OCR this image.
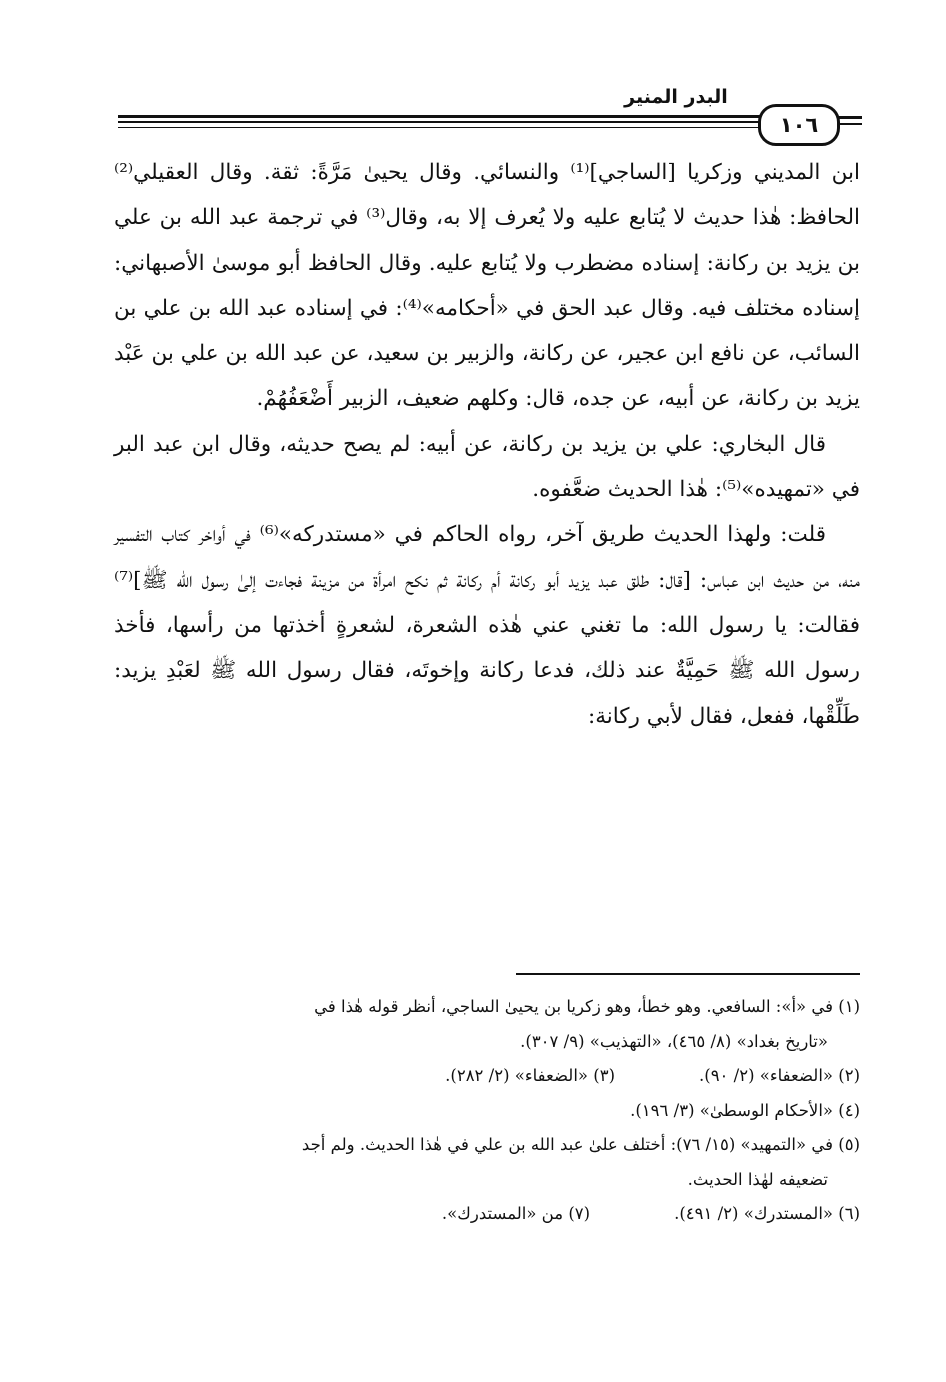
البدر المنير
١٠٦

ابن المديني وزكريا [الساجي]⁽¹⁾ والنسائي. وقال يحيىٰ مَرَّةً: ثقة. وقال العقيلي⁽²⁾ الحافظ: هٰذا حديث لا يُتابع عليه ولا يُعرف إلا به، وقال⁽³⁾ في ترجمة عبد الله بن علي بن يزيد بن ركانة: إسناده مضطرب ولا يُتابع عليه. وقال الحافظ أبو موسىٰ الأصبهاني: إسناده مختلف فيه. وقال عبد الحق في «أحكامه»⁽⁴⁾: في إسناده عبد الله بن علي بن السائب، عن نافع ابن عجير، عن ركانة، والزبير بن سعيد، عن عبد الله بن علي بن عَبْد يزيد بن ركانة، عن أبيه، عن جده، قال: وكلهم ضعيف، الزبير أَضْعَفُهُمْ.

قال البخاري: علي بن يزيد بن ركانة، عن أبيه: لم يصح حديثه، وقال ابن عبد البر في «تمهيده»⁽⁵⁾: هٰذا الحديث ضعَّفوه.

قلت: ولهذا الحديث طريق آخر، رواه الحاكم في «مستدركه»⁽⁶⁾ في أواخر كتاب التفسير منه، من حديث ابن عباس: [قال: طلق عبد يزيد أبو ركانة أم ركانة ثم نكح امرأة من مزينة فجاءت إلىٰ رسول الله ﷺ]⁽⁷⁾ فقالت: يا رسول الله: ما تغني عني هٰذه الشعرة، لشعرةٍ أخذتها من رأسها، فأخذ رسول الله ﷺ حَمِيَّةٌ عند ذلك، فدعا ركانة وإخوتَه، فقال رسول الله ﷺ لعَبْدِ يزيد: طَلِّقْها، ففعل، فقال لأبي ركانة:

(١) في «أ»: السافعي. وهو خطأ، وهو زكريا بن يحيىٰ الساجي، أنظر قوله هٰذا في

«تاريخ بغداد» (٨/ ٤٦٥)، «التهذيب» (٩/ ٣٠٧).

(٢) «الضعفاء» (٢/ ٩٠).
(٣) «الضعفاء» (٢/ ٢٨٢).

(٤) «الأحكام الوسطىٰ» (٣/ ١٩٦).

(٥) في «التمهيد» (١٥/ ٧٦): أختلف علىٰ عبد الله بن علي في هٰذا الحديث. ولم أجد

تضعيفه لهٰذا الحديث.

(٦) «المستدرك» (٢/ ٤٩١).
(٧) من «المستدرك».
